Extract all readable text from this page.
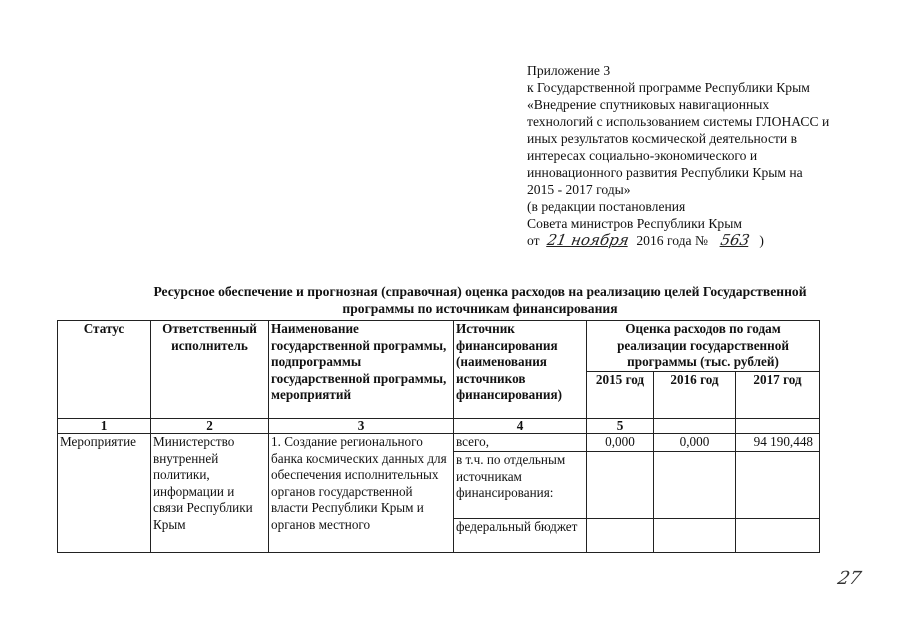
Приложение 3
к Государственной программе Республики Крым
«Внедрение спутниковых навигационных
технологий с использованием системы ГЛОНАСС и
иных результатов космической деятельности в
интересах социально-экономического и
инновационного развития Республики Крым на
2015 - 2017 годы»
(в редакции постановления
Совета министров Республики Крым
от 21 ноября 2016 года № 563 )
Ресурсное обеспечение и прогнозная (справочная) оценка расходов на реализацию целей Государственной
программы по источникам финансирования
Статус	Ответственный исполнитель	Наименование государственной программы, подпрограммы государственной программы, мероприятий	Источник финансирования (наименования источников финансирования)	Оценка расходов по годам реализации государственной программы (тыс. рублей)		
				2015 год	2016 год	2017 год
1	2	3	4	5		
Мероприятие	Министерство внутренней политики, информации и связи Республики Крым	1. Создание регионального банка космических данных для обеспечения исполнительных органов государственной власти Республики Крым и органов местного	всего,	0,000	0,000	94 190,448
			в т.ч. по отдельным источникам финансирования:			
			федеральный бюджет			
27
